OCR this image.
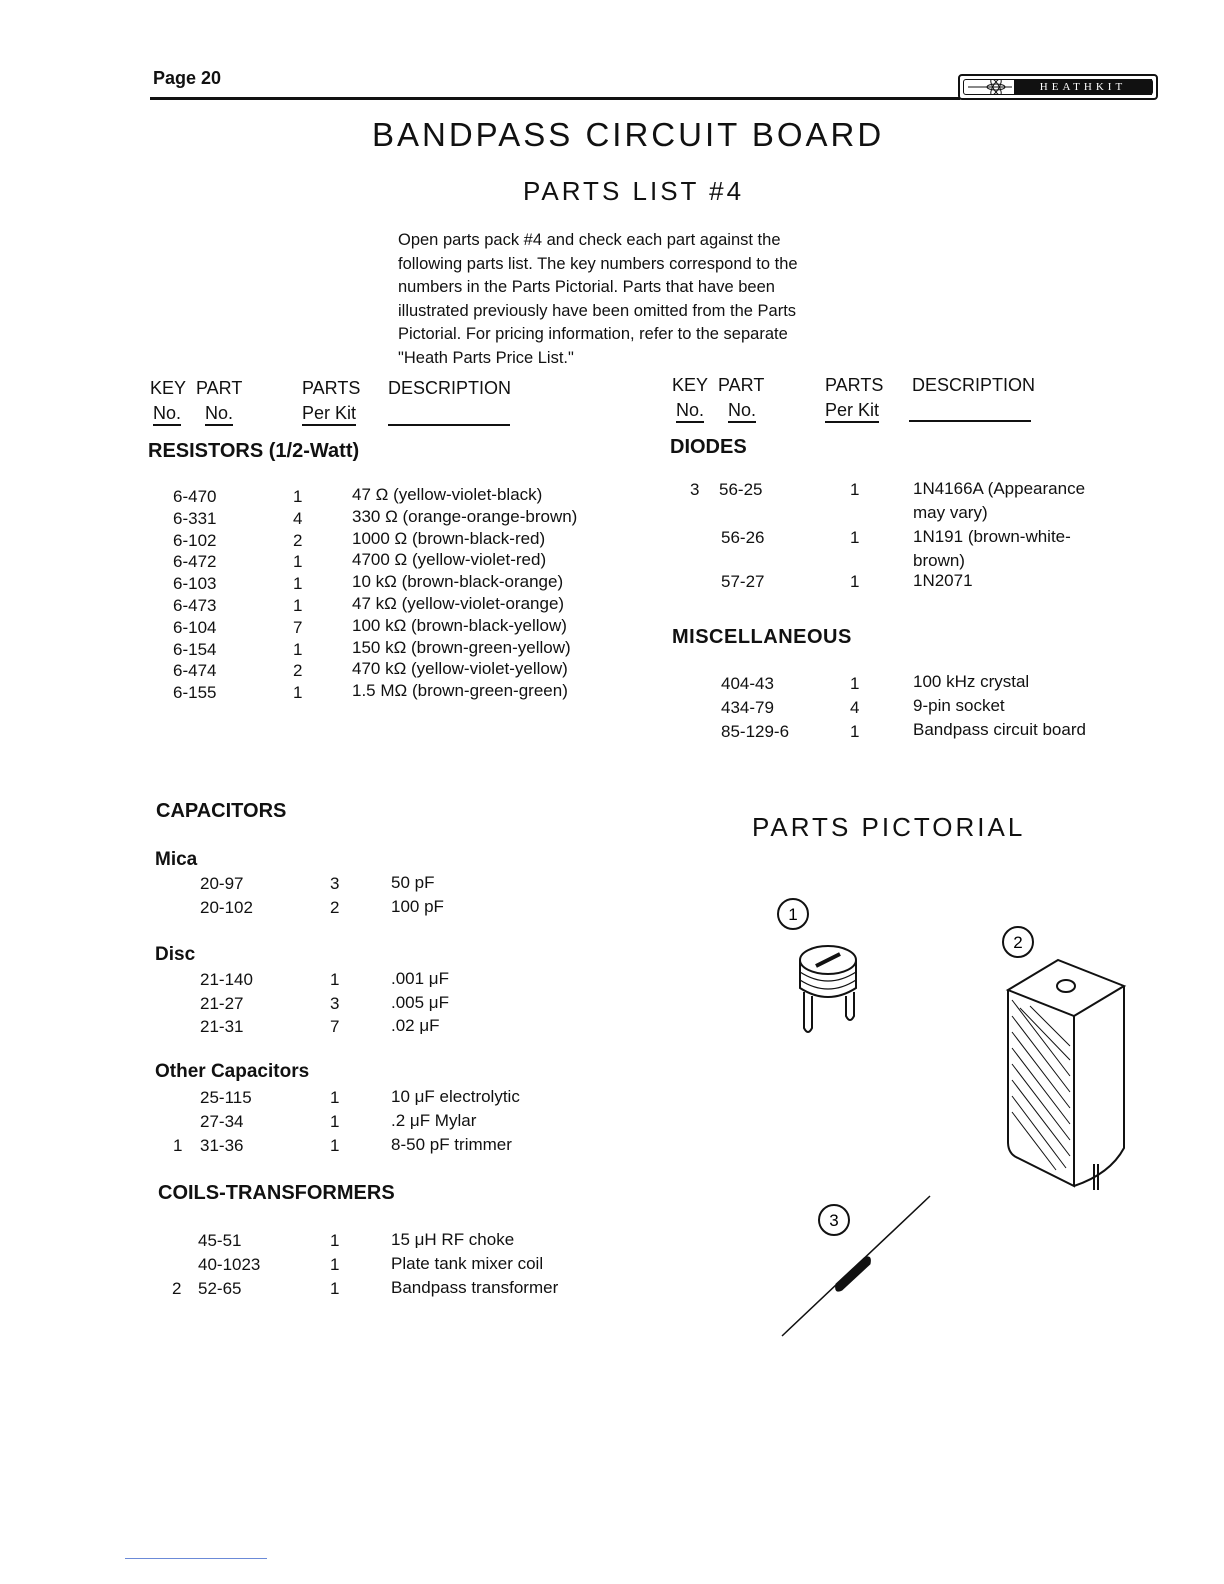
Page 20	HEATHKIT
BANDPASS CIRCUIT BOARD
PARTS LIST #4
Open parts pack #4 and check each part against the
following parts list. The key numbers correspond to the
numbers in the Parts Pictorial. Parts that have been
illustrated previously have been omitted from the Parts
Pictorial. For pricing information, refer to the separate
"Heath Parts Price List."
KEY PART	PARTS DESCRIPTION
No. No.	Per Kit
KEY PART	PARTS DESCRIPTION
No. No.	Per Kit
RESISTORS (1/2-Watt)
6-470	1	47 Ω (yellow-violet-black)
6-331	4	330 Ω (orange-orange-brown)
6-102	2	1000 Ω (brown-black-red)
6-472	1	4700 Ω (yellow-violet-red)
6-103	1	10 kΩ (brown-black-orange)
6-473	1	47 kΩ (yellow-violet-orange)
6-104	7	100 kΩ (brown-black-yellow)
6-154	1	150 kΩ (brown-green-yellow)
6-474	2	470 kΩ (yellow-violet-yellow)
6-155	1	1.5 MΩ (brown-green-green)
DIODES
3 56-25	1	1N4166A (Appearance
may vary)
56-26	1	1N191 (brown-white-
brown)
57-27	1	1N2071
MISCELLANEOUS
404-43	1	100 kHz crystal
434-79	4	9-pin socket
85-129-6	1	Bandpass circuit board
CAPACITORS
Mica
Disc
Other Capacitors
20-97	3	50 pF
20-102	2	100 pF
21-140	1	.001 μF
21-27	3	.005 μF
21-31	7	.02 μF
25-115	1	10 μF electrolytic
27-34	1	.2 μF Mylar
1 31-36	1	8-50 pF trimmer
COILS-TRANSFORMERS
45-51	1	15 μH RF choke
40-1023	1	Plate tank mixer coil
2 52-65	1	Bandpass transformer
PARTS PICTORIAL
1
2
3
